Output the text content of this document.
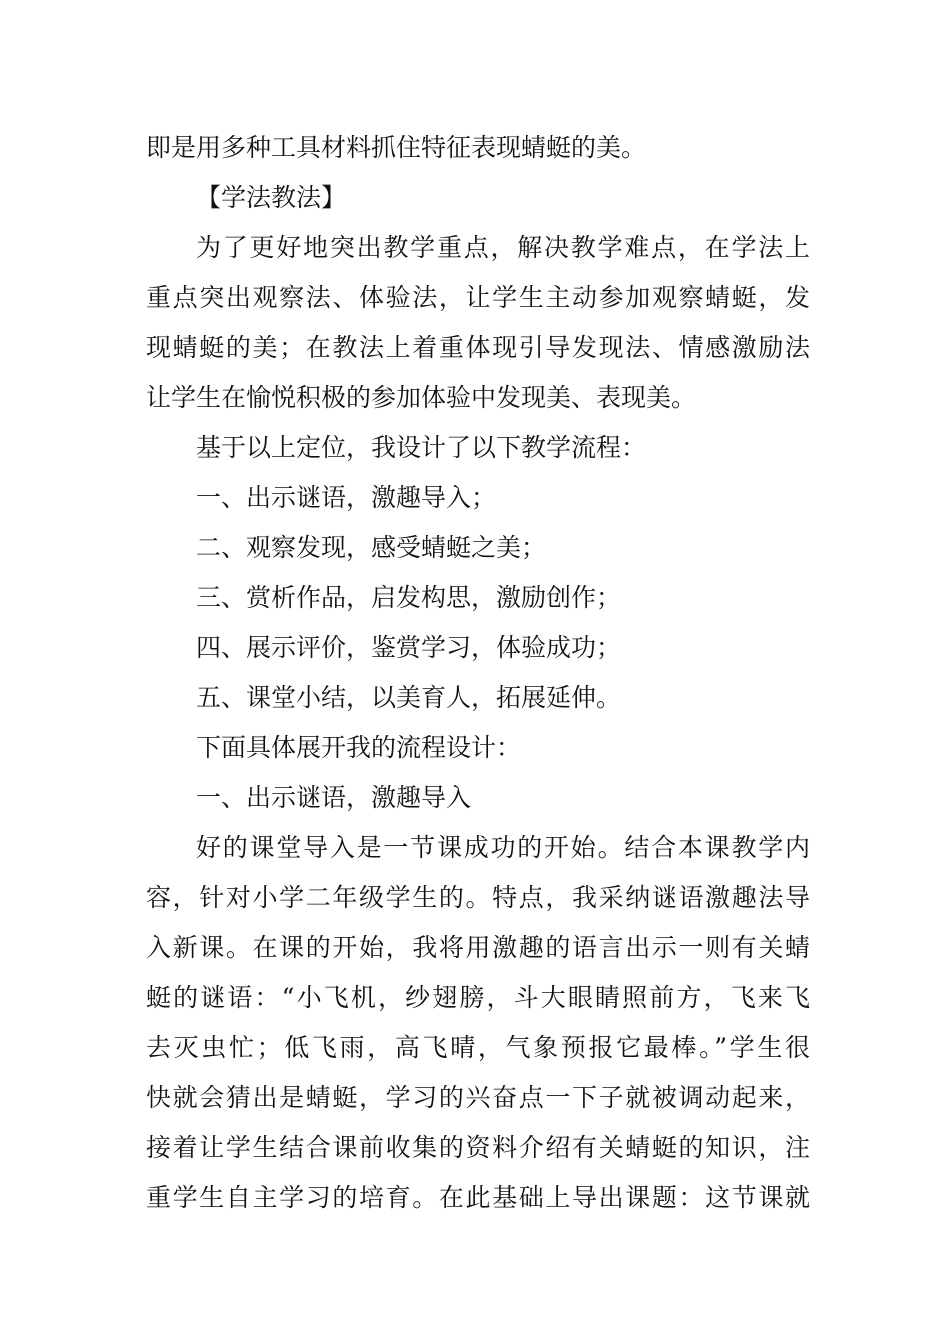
即是用多种工具材料抓住特征表现蜻蜓的美。
【学法教法】
为了更好地突出教学重点，解决教学难点，在学法上
重点突出观察法、体验法，让学生主动参加观察蜻蜓，发
现蜻蜓的美；在教法上着重体现引导发现法、情感激励法
让学生在愉悦积极的参加体验中发现美、表现美。
基于以上定位，我设计了以下教学流程：
一、出示谜语，激趣导入；
二、观察发现，感受蜻蜓之美；
三、赏析作品，启发构思，激励创作；
四、展示评价，鉴赏学习，体验成功；
五、课堂小结，以美育人，拓展延伸。
下面具体展开我的流程设计：
一、出示谜语，激趣导入
好的课堂导入是一节课成功的开始。结合本课教学内
容，针对小学二年级学生的。特点，我采纳谜语激趣法导
入新课。在课的开始，我将用激趣的语言出示一则有关蜻
蜓的谜语：“小飞机，纱翅膀，斗大眼睛照前方，飞来飞
去灭虫忙；低飞雨，高飞晴，气象预报它最棒。”学生很
快就会猜出是蜻蜓，学习的兴奋点一下子就被调动起来，
接着让学生结合课前收集的资料介绍有关蜻蜓的知识，注
重学生自主学习的培育。在此基础上导出课题：这节课就
